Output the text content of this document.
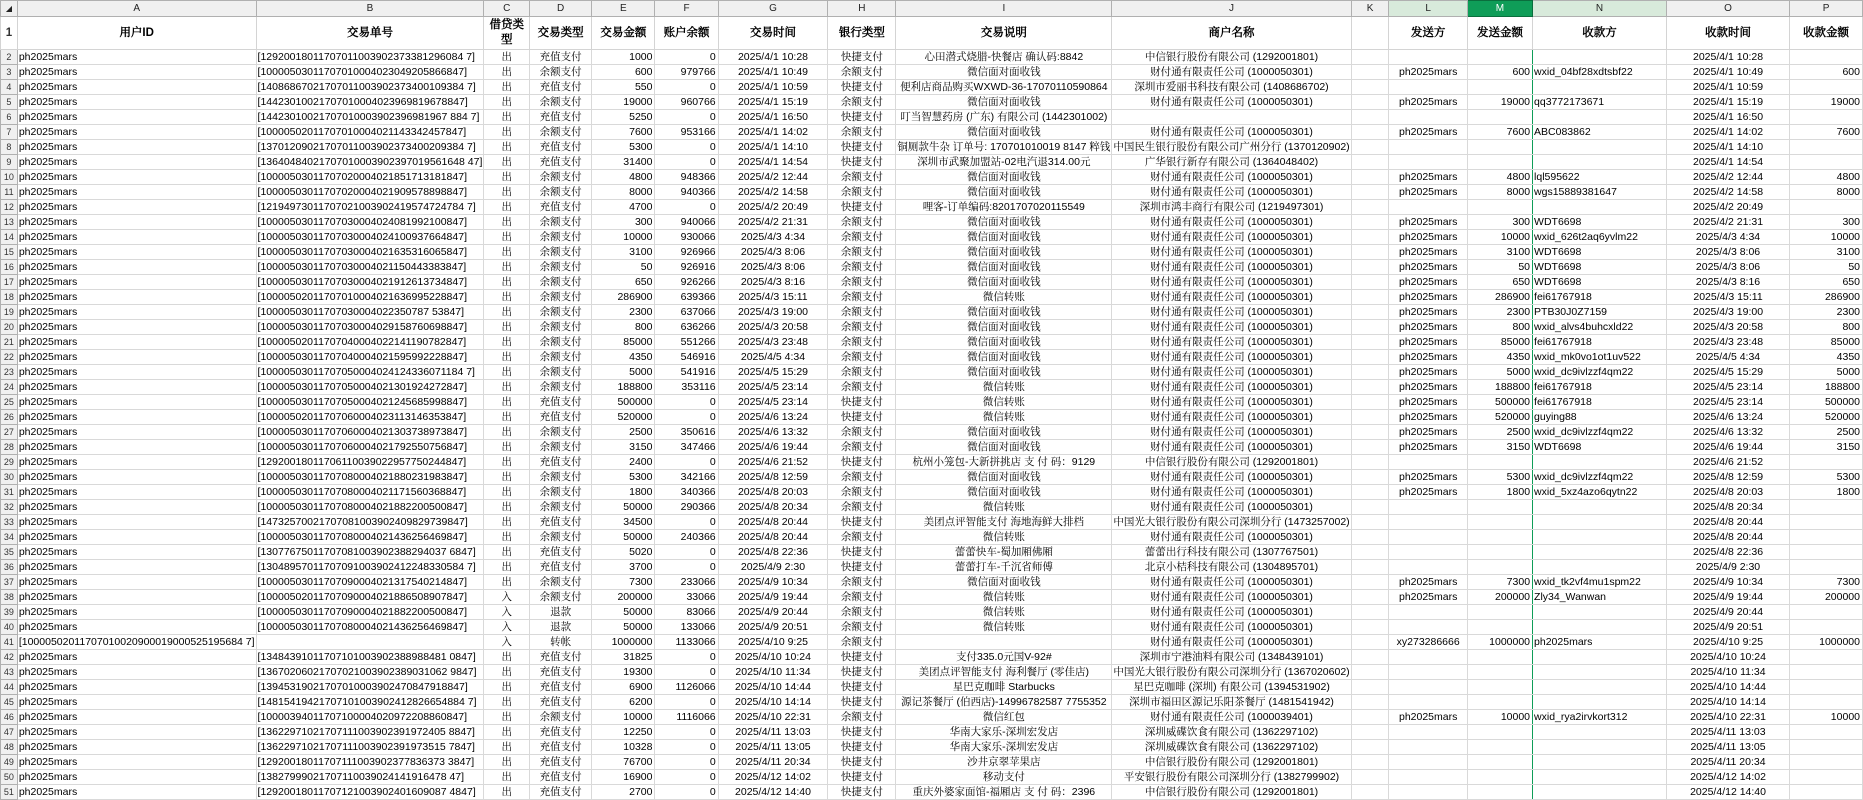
◢	A	B	C	D	E	F	G	H	I	J	K	L	M	N	O	P
1	用户ID	交易单号	借贷类型	交易类型	交易金额	账户余额	交易时间	银行类型	交易说明	商户名称		发送方	发送金额	收款方	收款时间	收款金额
2	ph2025mars	[12920018011707011003902373381296084 7]	出	充值支付	1000	0	2025/4/1 10:28	快捷支付	心田潜式烧腊-快餐店 确认码:8842	中信银行股份有限公司 (1292001801)					2025/4/1 10:28	
3	ph2025mars	[10000503011707010004023049205866847]	出	余额支付	600	979766	2025/4/1 10:49	余额支付	微信面对面收钱	财付通有限责任公司 (1000050301)		ph2025mars	600	wxid_04bf28xdtsbf22	2025/4/1 10:49	600
4	ph2025mars	[14086867021707011003902373400109384 7]	出	充值支付	550	0	2025/4/1 10:59	快捷支付	便利店商品购买WXWD-36-17070110590864	深圳市爱丽书科技有限公司 (1408686702)					2025/4/1 10:59	
5	ph2025mars	[14423010021707010004023969819678847]	出	余额支付	19000	960766	2025/4/1 15:19	余额支付	微信面对面收钱	财付通有限责任公司 (1000050301)		ph2025mars	19000	qq3772173671	2025/4/1 15:19	19000
6	ph2025mars	[14423010021707010003902396981967 884 7]	出	充值支付	5250	0	2025/4/1 16:50	快捷支付	叮当智慧药房 (广东) 有限公司 (1442301002)						2025/4/1 16:50	
7	ph2025mars	[10000502011707010004021143342457847]	出	余额支付	7600	953166	2025/4/1 14:02	余额支付	微信面对面收钱	财付通有限责任公司 (1000050301)		ph2025mars	7600	ABC083862	2025/4/1 14:02	7600
8	ph2025mars	[13701209021707011003902373400209384 7]	出	充值支付	5300	0	2025/4/1 14:10	快捷支付	铜厕款牛杂 订单号: 170701010019 8147 粹钱	中国民生银行股份有限公司广州分行 (1370120902)					2025/4/1 14:10	
9	ph2025mars	[13640484021707010003902397019561648 47]	出	充值支付	31400	0	2025/4/1 14:54	快捷支付	深圳市武聚加盟站-02电汽退314.00元	广华银行新存有限公司 (1364048402)					2025/4/1 14:54	
10	ph2025mars	[10000503011707020004021851713181847]	出	余额支付	4800	948366	2025/4/2 12:44	余额支付	微信面对面收钱	财付通有限责任公司 (1000050301)		ph2025mars	4800	lql595622	2025/4/2 12:44	4800
11	ph2025mars	[10000503011707020004021909578898847]	出	余额支付	8000	940366	2025/4/2 14:58	余额支付	微信面对面收钱	财付通有限责任公司 (1000050301)		ph2025mars	8000	wgs15889381647	2025/4/2 14:58	8000
12	ph2025mars	[12194973011707021003902419574724784 7]	出	充值支付	4700	0	2025/4/2 20:49	快捷支付	哩客-订单编码:8201707020115549	深圳市鸿丰商行有限公司 (1219497301)					2025/4/2 20:49	
13	ph2025mars	[10000503011707030004024081992100847]	出	余额支付	300	940066	2025/4/2 21:31	余额支付	微信面对面收钱	财付通有限责任公司 (1000050301)		ph2025mars	300	WDT6698	2025/4/2 21:31	300
14	ph2025mars	[10000503011707030004024100937664847]	出	余额支付	10000	930066	2025/4/3 4:34	余额支付	微信面对面收钱	财付通有限责任公司 (1000050301)		ph2025mars	10000	wxid_626t2aq6yvlm22	2025/4/3 4:34	10000
15	ph2025mars	[10000503011707030004021635316065847]	出	余额支付	3100	926966	2025/4/3 8:06	余额支付	微信面对面收钱	财付通有限责任公司 (1000050301)		ph2025mars	3100	WDT6698	2025/4/3 8:06	3100
16	ph2025mars	[10000503011707030004021150443383847]	出	余额支付	50	926916	2025/4/3 8:06	余额支付	微信面对面收钱	财付通有限责任公司 (1000050301)		ph2025mars	50	WDT6698	2025/4/3 8:06	50
17	ph2025mars	[10000503011707030004021912613734847]	出	余额支付	650	926266	2025/4/3 8:16	余额支付	微信面对面收钱	财付通有限责任公司 (1000050301)		ph2025mars	650	WDT6698	2025/4/3 8:16	650
18	ph2025mars	[10000502011707010004021636995228847]	出	余额支付	286900	639366	2025/4/3 15:11	余额支付	微信转账	财付通有限责任公司 (1000050301)		ph2025mars	286900	fei61767918	2025/4/3 15:11	286900
19	ph2025mars	[10000503011707030004022350787 53847]	出	余额支付	2300	637066	2025/4/3 19:00	余额支付	微信面对面收钱	财付通有限责任公司 (1000050301)		ph2025mars	2300	PTB30J0Z7159	2025/4/3 19:00	2300
20	ph2025mars	[10000503011707030004029158760698847]	出	余额支付	800	636266	2025/4/3 20:58	余额支付	微信面对面收钱	财付通有限责任公司 (1000050301)		ph2025mars	800	wxid_alvs4buhcxld22	2025/4/3 20:58	800
21	ph2025mars	[10000502011707040004022141190782847]	出	余额支付	85000	551266	2025/4/3 23:48	余额支付	微信面对面收钱	财付通有限责任公司 (1000050301)		ph2025mars	85000	fei61767918	2025/4/3 23:48	85000
22	ph2025mars	[10000503011707040004021595992228847]	出	余额支付	4350	546916	2025/4/5 4:34	余额支付	微信面对面收钱	财付通有限责任公司 (1000050301)		ph2025mars	4350	wxid_mk0vo1ot1uv522	2025/4/5 4:34	4350
23	ph2025mars	[10000503011707050004024124336071184 7]	出	余额支付	5000	541916	2025/4/5 15:29	余额支付	微信面对面收钱	财付通有限责任公司 (1000050301)		ph2025mars	5000	wxid_dc9ivlzzf4qm22	2025/4/5 15:29	5000
24	ph2025mars	[10000503011707050004021301924272847]	出	余额支付	188800	353116	2025/4/5 23:14	余额支付	微信转账	财付通有限责任公司 (1000050301)		ph2025mars	188800	fei61767918	2025/4/5 23:14	188800
25	ph2025mars	[10000503011707050004021245685998847]	出	充值支付	500000	0	2025/4/5 23:14	快捷支付	微信转账	财付通有限责任公司 (1000050301)		ph2025mars	500000	fei61767918	2025/4/5 23:14	500000
26	ph2025mars	[10000502011707060004023113146353847]	出	充值支付	520000	0	2025/4/6 13:24	快捷支付	微信转账	财付通有限责任公司 (1000050301)		ph2025mars	520000	guying88	2025/4/6 13:24	520000
27	ph2025mars	[10000503011707060004021303738973847]	出	余额支付	2500	350616	2025/4/6 13:32	余额支付	微信面对面收钱	财付通有限责任公司 (1000050301)		ph2025mars	2500	wxid_dc9ivlzzf4qm22	2025/4/6 13:32	2500
28	ph2025mars	[10000503011707060004021792550756847]	出	余额支付	3150	347466	2025/4/6 19:44	余额支付	微信面对面收钱	财付通有限责任公司 (1000050301)		ph2025mars	3150	WDT6698	2025/4/6 19:44	3150
29	ph2025mars	[12920018011706110039022957750244847]	出	充值支付	2400	0	2025/4/6 21:52	快捷支付	杭州小笼包-大新拼挑店 支 付 码：9129	中信银行股份有限公司 (1292001801)					2025/4/6 21:52	
30	ph2025mars	[10000503011707080004021880231983847]	出	余额支付	5300	342166	2025/4/8 12:59	余额支付	微信面对面收钱	财付通有限责任公司 (1000050301)		ph2025mars	5300	wxid_dc9ivlzzf4qm22	2025/4/8 12:59	5300
31	ph2025mars	[10000503011707080004021171560368847]	出	余额支付	1800	340366	2025/4/8 20:03	余额支付	微信面对面收钱	财付通有限责任公司 (1000050301)		ph2025mars	1800	wxid_5xz4azo6qytn22	2025/4/8 20:03	1800
32	ph2025mars	[10000503011707080004021882200500847]	出	余额支付	50000	290366	2025/4/8 20:34	余额支付	微信转账	财付通有限责任公司 (1000050301)					2025/4/8 20:34	
33	ph2025mars	[14732570021707081003902409829739847]	出	充值支付	34500	0	2025/4/8 20:44	快捷支付	美团点评智能支付 海地海鲜大排档	中国光大银行股份有限公司深圳分行 (1473257002)					2025/4/8 20:44	
34	ph2025mars	[10000503011707080004021436256469847]	出	余额支付	50000	240366	2025/4/8 20:44	余额支付	微信转账	财付通有限责任公司 (1000050301)					2025/4/8 20:44	
35	ph2025mars	[13077675011707081003902388294037 6847]	出	充值支付	5020	0	2025/4/8 22:36	快捷支付	蕾蕾快车-蜀加厢佛厢	蕾蕾出行科技有限公司 (1307767501)					2025/4/8 22:36	
36	ph2025mars	[13048957011707091003902412248330584 7]	出	充值支付	3700	0	2025/4/9 2:30	快捷支付	蕾蕾打车-千沉省师傅	北京小桔科技有限公司 (1304895701)					2025/4/9 2:30	
37	ph2025mars	[10000503011707090004021317540214847]	出	余额支付	7300	233066	2025/4/9 10:34	余额支付	微信面对面收钱	财付通有限责任公司 (1000050301)		ph2025mars	7300	wxid_tk2vf4mu1spm22	2025/4/9 10:34	7300
38	ph2025mars	[10000502011707090004021886508907847]	入	余额支付	200000	33066	2025/4/9 19:44	余额支付	微信转账	财付通有限责任公司 (1000050301)		ph2025mars	200000	Zly34_Wanwan	2025/4/9 19:44	200000
39	ph2025mars	[10000503011707090004021882200500847]	入	退款	50000	83066	2025/4/9 20:44	余额支付	微信转账	财付通有限责任公司 (1000050301)					2025/4/9 20:44	
40	ph2025mars	[10000503011707080004021436256469847]	入	退款	50000	133066	2025/4/9 20:51	余额支付	微信转账	财付通有限责任公司 (1000050301)					2025/4/9 20:51	
41	[10000502011707010020900019000525195684 7]		入	转帐	1000000	1133066	2025/4/10 9:25	余额支付		财付通有限责任公司 (1000050301)		xy273286666	1000000	ph2025mars	2025/4/10 9:25	1000000
42	ph2025mars	[13484391011707101003902388988481 0847]	出	充值支付	31825	0	2025/4/10 10:24	快捷支付	支付335.0元国V-92#	深圳市宁港油料有限公司 (1348439101)					2025/4/10 10:24	
43	ph2025mars	[13670206021707021003902389031062 9847]	出	充值支付	19300	0	2025/4/10 11:34	快捷支付	美团点评智能支付 海利餐厅 (零佳店)	中国光大银行股份有限公司深圳分行 (1367020602)					2025/4/10 11:34	
44	ph2025mars	[13945319021707010003902470847918847]	出	充值支付	6900	1126066	2025/4/10 14:44	快捷支付	星巴克咖啡 Starbucks	星巴克咖啡 (深圳) 有限公司 (1394531902)					2025/4/10 14:44	
45	ph2025mars	[14815419421707101003902412826654884 7]	出	充值支付	6200	0	2025/4/10 14:14	快捷支付	源记茶餐厅 (伯西店)-14996782587 7755352	深圳市福田区源记乐阳茶餐厅 (1481541942)					2025/4/10 14:14	
46	ph2025mars	[10000394011707100004020972208860847]	出	余额支付	10000	1116066	2025/4/10 22:31	余额支付	微信红包	财付通有限责任公司 (1000039401)		ph2025mars	10000	wxid_rya2irvkort312	2025/4/10 22:31	10000
47	ph2025mars	[13622971021707111003902391972405 8847]	出	充值支付	12250	0	2025/4/11 13:03	快捷支付	华南大家乐-深圳宏发店	深圳威碟饮食有限公司 (1362297102)					2025/4/11 13:03	
48	ph2025mars	[13622971021707111003902391973515 7847]	出	充值支付	10328	0	2025/4/11 13:05	快捷支付	华南大家乐-深圳宏发店	深圳威碟饮食有限公司 (1362297102)					2025/4/11 13:05	
49	ph2025mars	[12920018011707111003902377836373 3847]	出	充值支付	76700	0	2025/4/11 20:34	快捷支付	沙井京翠苹果店	中信银行股份有限公司 (1292001801)					2025/4/11 20:34	
50	ph2025mars	[13827999021707110039024141916478 47]	出	充值支付	16900	0	2025/4/12 14:02	快捷支付	移动支付	平安银行股份有限公司深圳分行 (1382799902)					2025/4/12 14:02	
51	ph2025mars	[12920018011707121003902401609087 4847]	出	充值支付	2700	0	2025/4/12 14:40	快捷支付	重庆外婆家面馆-福厢店 支 付 码：2396	中信银行股份有限公司 (1292001801)					2025/4/12 14:40	
